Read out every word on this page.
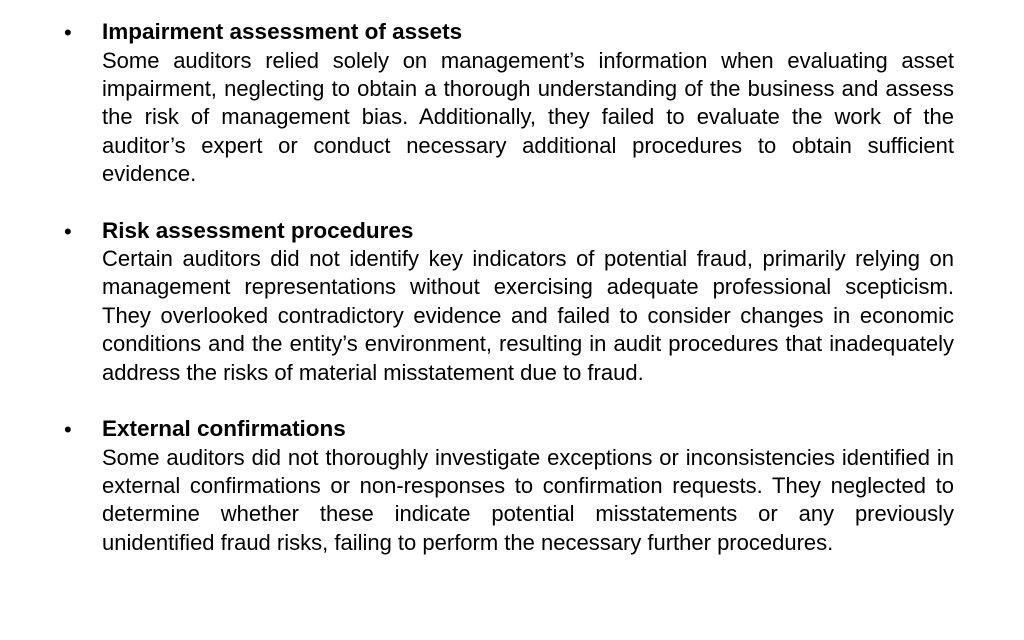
• Impairment assessment of assets
Some auditors relied solely on management’s information when evaluating asset impairment, neglecting to obtain a thorough understanding of the business and assess the risk of management bias. Additionally, they failed to evaluate the work of the auditor’s expert or conduct necessary additional procedures to obtain sufficient evidence.
• Risk assessment procedures
Certain auditors did not identify key indicators of potential fraud, primarily relying on management representations without exercising adequate professional scepticism. They overlooked contradictory evidence and failed to consider changes in economic conditions and the entity’s environment, resulting in audit procedures that inadequately address the risks of material misstatement due to fraud.
• External confirmations
Some auditors did not thoroughly investigate exceptions or inconsistencies identified in external confirmations or non-responses to confirmation requests. They neglected to determine whether these indicate potential misstatements or any previously unidentified fraud risks, failing to perform the necessary further procedures.
